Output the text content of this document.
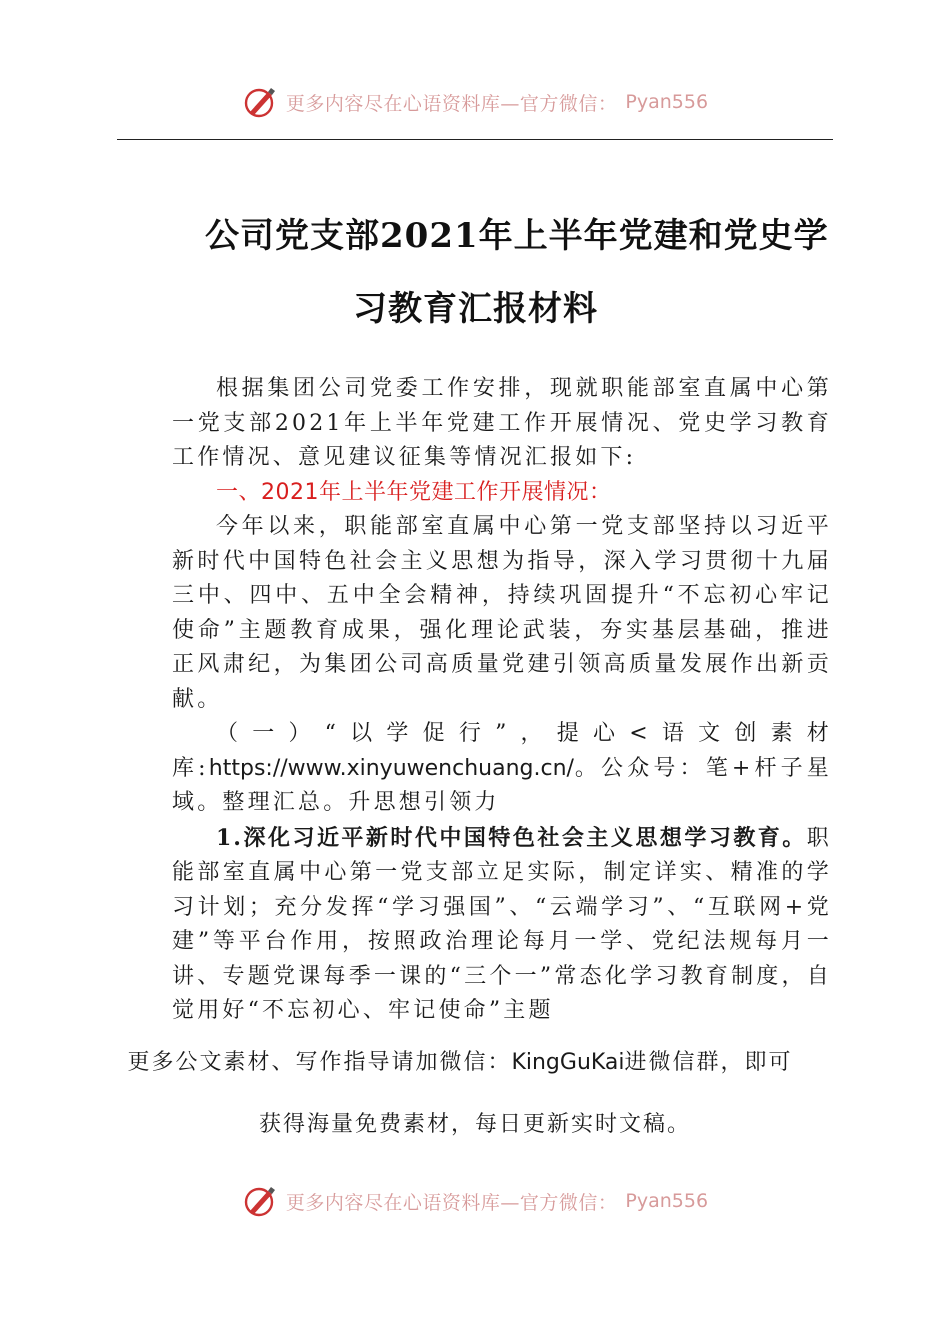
更多内容尽在心语资料库—官方微信： Pyan556
公司党支部2021年上半年党建和党史学
习教育汇报材料

根据集团公司党委工作安排，现就职能部室直属中心第一党支部2021年上半年党建工作开展情况、党史学习教育工作情况、意见建议征集等情况汇报如下:

一、2021年上半年党建工作开展情况：

今年以来，职能部室直属中心第一党支部坚持以习近平新时代中国特色社会主义思想为指导，深入学习贯彻十九届三中、四中、五中全会精神，持续巩固提升“不忘初心牢记使命”主题教育成果，强化理论武装，夯实基层基础，推进正风肃纪，为集团公司高质量党建引领高质量发展作出新贡献。

（一）“以学促行”，提心<语文创素材库:https://www.xinyuwenchuang.cn/。公众号：笔+杆子星域。整理汇总。升思想引领力

1.深化习近平新时代中国特色社会主义思想学习教育。职能部室直属中心第一党支部立足实际，制定详实、精准的学习计划；充分发挥“学习强国”、“云端学习”、“互联网+党建”等平台作用，按照政治理论每月一学、党纪法规每月一讲、专题党课每季一课的“三个一”常态化学习教育制度，自觉用好“不忘初心、牢记使命”主题

更多公文素材、写作指导请加微信：KingGuKai进微信群，即可
获得海量免费素材，每日更新实时文稿。
更多内容尽在心语资料库—官方微信： Pyan556
